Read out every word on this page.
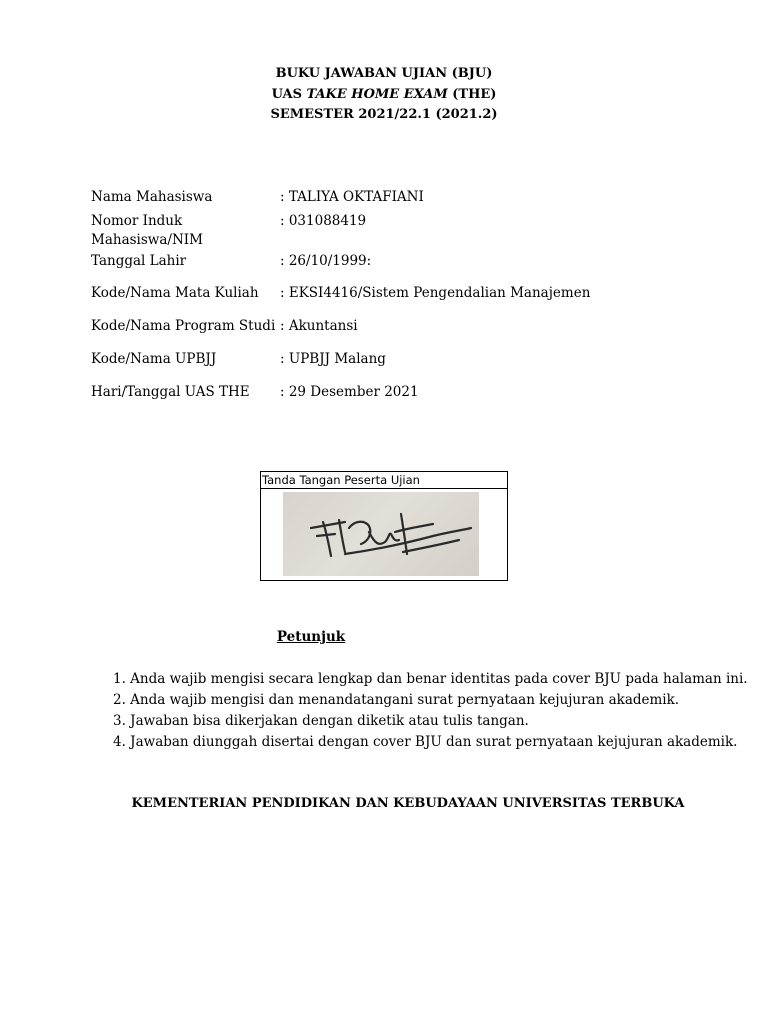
BUKU JAWABAN UJIAN (BJU)
UAS TAKE HOME EXAM (THE)
SEMESTER 2021/22.1 (2021.2)
Nama Mahasiswa	: TALIYA OKTAFIANI
Nomor Induk
Mahasiswa/NIM
: 031088419
Tanggal Lahir	: 26/10/1999:
Kode/Nama Mata Kuliah	: EKSI4416/Sistem Pengendalian Manajemen
Kode/Nama Program Studi : Akuntansi
Kode/Nama UPBJJ	: UPBJJ Malang
Hari/Tanggal UAS THE	: 29 Desember 2021
Tanda Tangan Peserta Ujian
Petunjuk
1. Anda wajib mengisi secara lengkap dan benar identitas pada cover BJU pada halaman ini.
2. Anda wajib mengisi dan menandatangani surat pernyataan kejujuran akademik.
3. Jawaban bisa dikerjakan dengan diketik atau tulis tangan.
4. Jawaban diunggah disertai dengan cover BJU dan surat pernyataan kejujuran akademik.
KEMENTERIAN PENDIDIKAN DAN KEBUDAYAAN UNIVERSITAS TERBUKA
